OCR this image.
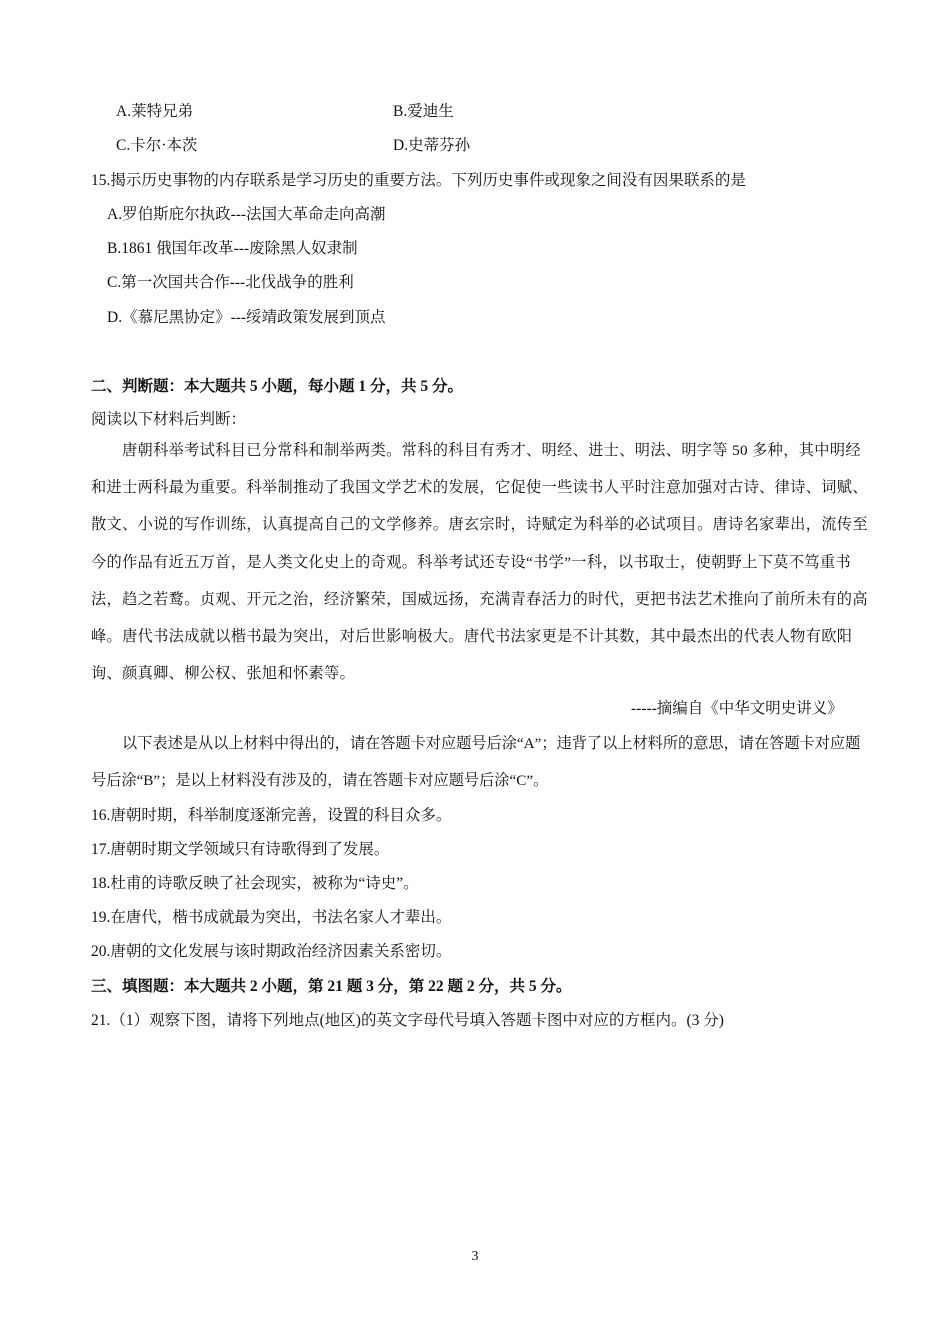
A.莱特兄弟	B.爱迪生
C.卡尔·本茨	D.史蒂芬孙
15.揭示历史事物的内存联系是学习历史的重要方法。下列历史事件或现象之间没有因果联系的是
A.罗伯斯庇尔执政---法国大革命走向高潮
B.1861 俄国年改革---废除黑人奴隶制
C.第一次国共合作---北伐战争的胜利
D.《慕尼黑协定》---绥靖政策发展到顶点
二、判断题：本大题共 5 小题，每小题 1 分，共 5 分。
阅读以下材料后判断：

唐朝科举考试科目已分常科和制举两类。常科的科目有秀才、明经、进士、明法、明字等 50 多种，其中明经和进士两科最为重要。科举制推动了我国文学艺术的发展，它促使一些读书人平时注意加强对古诗、律诗、词赋、散文、小说的写作训练，认真提高自己的文学修养。唐玄宗时，诗赋定为科举的必试项目。唐诗名家辈出，流传至今的作品有近五万首，是人类文化史上的奇观。科举考试还专设“书学”一科，以书取士，使朝野上下莫不笃重书法，趋之若鹜。贞观、开元之治，经济繁荣，国威远扬，充满青春活力的时代，更把书法艺术推向了前所未有的高峰。唐代书法成就以楷书最为突出，对后世影响极大。唐代书法家更是不计其数，其中最杰出的代表人物有欧阳询、颜真卿、柳公权、张旭和怀素等。

-----摘编自《中华文明史讲义》

以下表述是从以上材料中得出的，请在答题卡对应题号后涂“A”；违背了以上材料所的意思，请在答题卡对应题号后涂“B”；是以上材料没有涉及的，请在答题卡对应题号后涂“C”。

16.唐朝时期，科举制度逐渐完善，设置的科目众多。
17.唐朝时期文学领域只有诗歌得到了发展。
18.杜甫的诗歌反映了社会现实，被称为“诗史”。
19.在唐代，楷书成就最为突出，书法名家人才辈出。
20.唐朝的文化发展与该时期政治经济因素关系密切。
三、填图题：本大题共 2 小题，第 21 题 3 分，第 22 题 2 分，共 5 分。
21.（1）观察下图，请将下列地点(地区)的英文字母代号填入答题卡图中对应的方框内。(3 分)
3
